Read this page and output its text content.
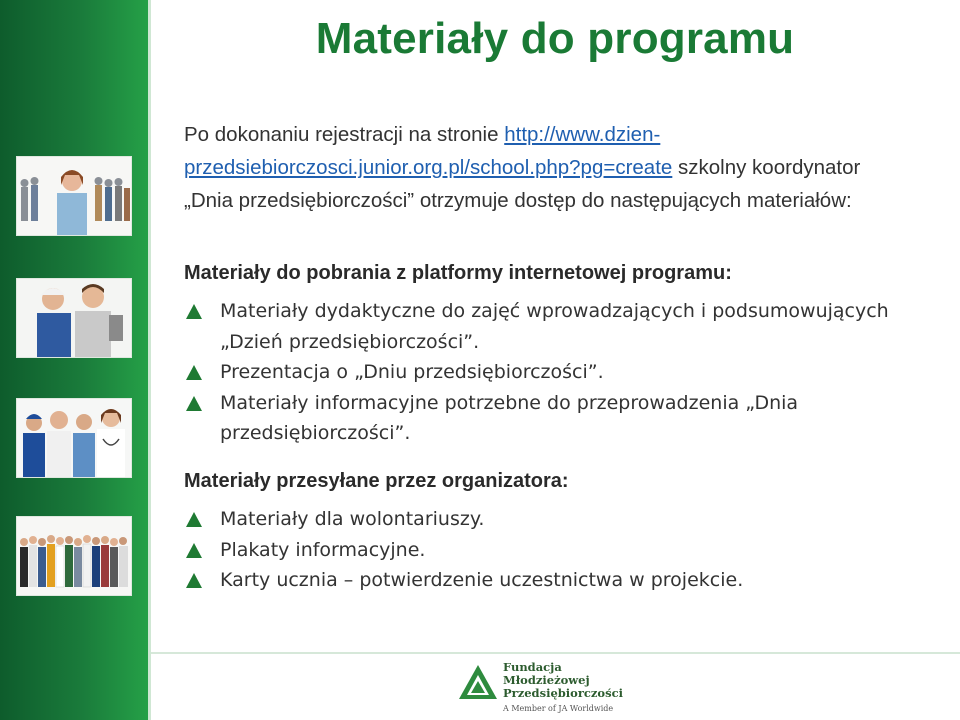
Materiały do programu
Po dokonaniu rejestracji na stronie http://www.dzien-przedsiebiorczosci.junior.org.pl/school.php?pg=create szkolny koordynator „Dnia przedsiębiorczości” otrzymuje dostęp do następujących materiałów:
Materiały do pobrania z platformy internetowej programu:
Materiały dydaktyczne do zajęć wprowadzających i podsumowujących „Dzień przedsiębiorczości”.
Prezentacja o „Dniu przedsiębiorczości”.
Materiały informacyjne potrzebne do przeprowadzenia „Dnia przedsiębiorczości”.
Materiały przesyłane przez organizatora:
Materiały dla wolontariuszy.
Plakaty informacyjne.
Karty ucznia – potwierdzenie uczestnictwa w projekcie.
Fundacja
Młodzieżowej
Przedsiębiorczości
A Member of JA Worldwide
